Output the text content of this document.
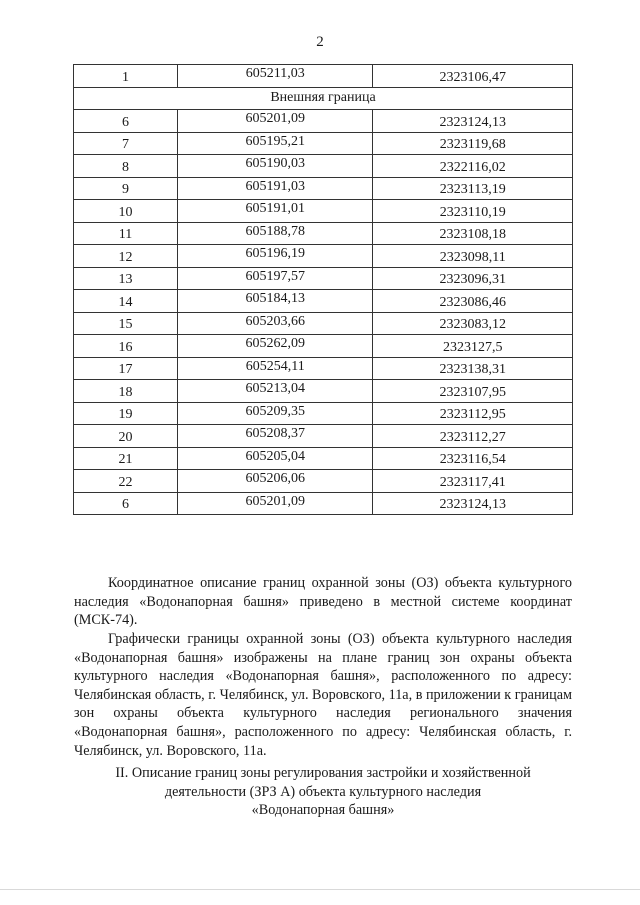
2
1	605211,03	2323106,47
Внешняя граница		
6	605201,09	2323124,13
7	605195,21	2323119,68
8	605190,03	2322116,02
9	605191,03	2323113,19
10	605191,01	2323110,19
11	605188,78	2323108,18
12	605196,19	2323098,11
13	605197,57	2323096,31
14	605184,13	2323086,46
15	605203,66	2323083,12
16	605262,09	2323127,5
17	605254,11	2323138,31
18	605213,04	2323107,95
19	605209,35	2323112,95
20	605208,37	2323112,27
21	605205,04	2323116,54
22	605206,06	2323117,41
6	605201,09	2323124,13
Координатное описание границ охранной зоны (ОЗ) объекта культурного наследия «Водонапорная башня» приведено в местной системе координат (МСК-74).
Графически границы охранной зоны (ОЗ) объекта культурного наследия «Водонапорная башня» изображены на плане границ зон охраны объекта культурного наследия «Водонапорная башня», расположенного по адресу: Челябинская область, г. Челябинск, ул. Воровского, 11а, в приложении к границам зон охраны объекта культурного наследия регионального значения «Водонапорная башня», расположенного по адресу: Челябинская область, г. Челябинск, ул. Воровского, 11а.
II. Описание границ зоны регулирования застройки и хозяйственной
деятельности (ЗРЗ А) объекта культурного наследия
«Водонапорная башня»
